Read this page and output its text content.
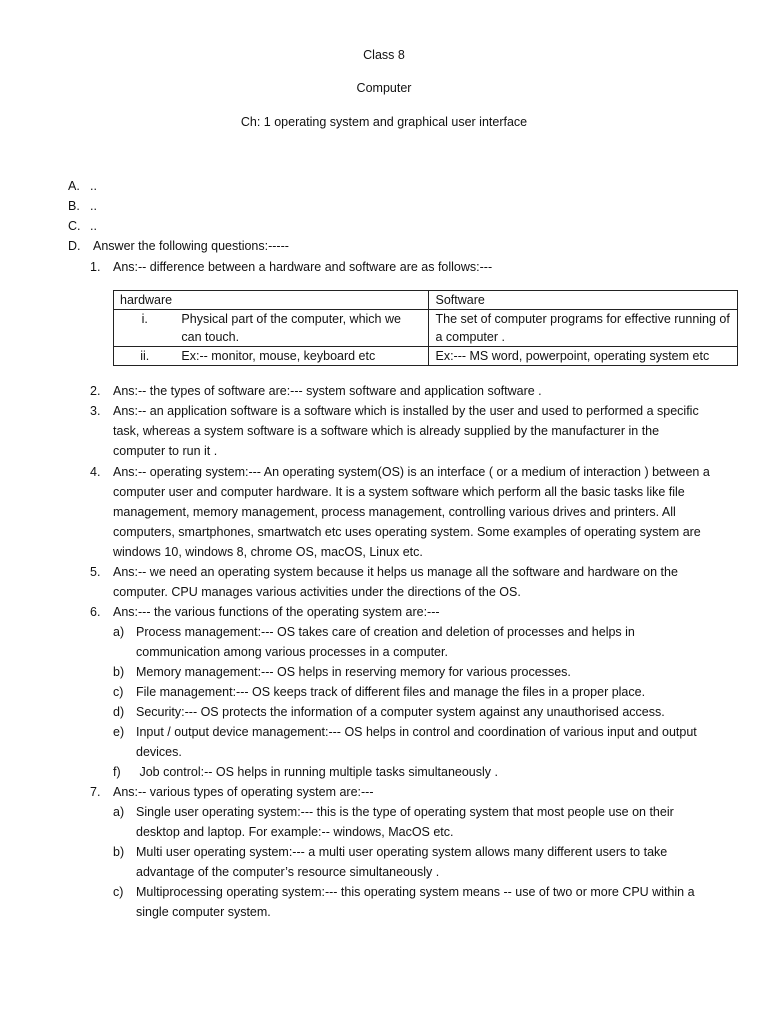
Class 8
Computer
Ch: 1 operating system and graphical user interface
A. ..
B. ..
C. ..
D. Answer the following questions:-----
1. Ans:-- difference between a hardware and software are as follows:---
hardware		Software
i.	Physical part of the computer, which we can touch.	The set of computer programs for effective running of a computer .
ii.	Ex:-- monitor, mouse, keyboard etc	Ex:--- MS word, powerpoint, operating system etc
2. Ans:-- the types of software are:--- system software and application software .
3. Ans:-- an application software is a software which is installed by the user and used to performed a specific
task, whereas a system software is a software which is already supplied by the manufacturer in the
computer to run it .
4. Ans:-- operating system:--- An operating system(OS) is an interface ( or a medium of interaction ) between a
computer user and computer hardware. It is a system software which perform all the basic tasks like file
management, memory management, process management, controlling various drives and printers. All
computers, smartphones, smartwatch etc uses operating system. Some examples of operating system are
windows 10, windows 8, chrome OS, macOS, Linux etc.
5. Ans:-- we need an operating system because it helps us manage all the software and hardware on the
computer. CPU manages various activities under the directions of the OS.
6. Ans:--- the various functions of the operating system are:---
a) Process management:--- OS takes care of creation and deletion of processes and helps in
communication among various processes in a computer.
b) Memory management:--- OS helps in reserving memory for various processes.
c) File management:--- OS keeps track of different files and manage the files in a proper place.
d) Security:--- OS protects the information of a computer system against any unauthorised access.
e) Input / output device management:--- OS helps in control and coordination of various input and output
devices.
f) Job control:-- OS helps in running multiple tasks simultaneously .
7. Ans:-- various types of operating system are:---
a) Single user operating system:--- this is the type of operating system that most people use on their
desktop and laptop. For example:-- windows, MacOS etc.
b) Multi user operating system:--- a multi user operating system allows many different users to take
advantage of the computer’s resource simultaneously .
c) Multiprocessing operating system:--- this operating system means -- use of two or more CPU within a
single computer system.
